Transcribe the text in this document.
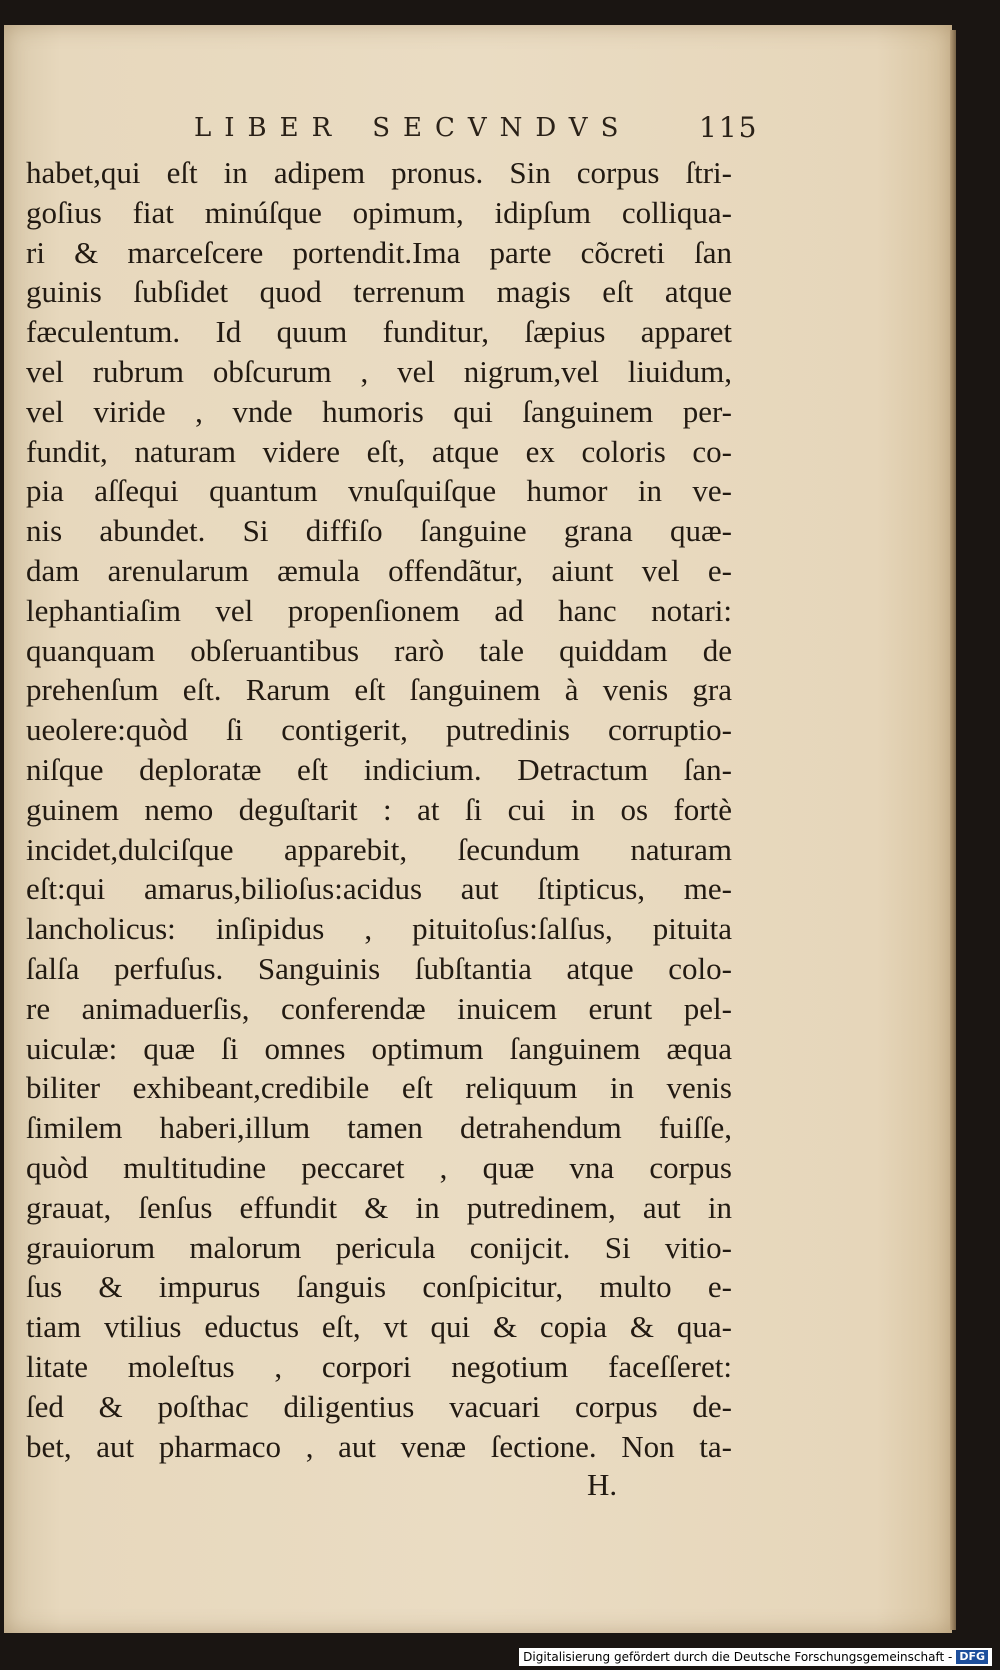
LIBER SECVNDVS	115
habet,qui eſt in adipem pronus. Sin corpus ſtri-
goſius fiat minúſque opimum, idipſum colliqua-
ri & marceſcere portendit.Ima parte cõcreti ſan
guinis ſubſidet quod terrenum magis eſt atque
fæculentum. Id quum funditur, ſæpius apparet
vel rubrum obſcurum , vel nigrum,vel liuidum,
vel viride , vnde humoris qui ſanguinem per-
fundit, naturam videre eſt, atque ex coloris co-
pia aſſequi quantum vnuſquiſque humor in ve-
nis abundet. Si diffiſo ſanguine grana quæ-
dam arenularum æmula offendãtur, aiunt vel e-
lephantiaſim vel propenſionem ad hanc notari:
quanquam obſeruantibus rarò tale quiddam de
prehenſum eſt. Rarum eſt ſanguinem à venis gra
ueolere:quòd ſi contigerit, putredinis corruptio-
niſque deploratæ eſt indicium. Detractum ſan-
guinem nemo deguſtarit : at ſi cui in os fortè
incidet,dulciſque apparebit, ſecundum naturam
eſt:qui amarus,bilioſus:acidus aut ſtipticus, me-
lancholicus: inſipidus , pituitoſus:ſalſus, pituita
ſalſa perfuſus. Sanguinis ſubſtantia atque colo-
re animaduerſis, conferendæ inuicem erunt pel-
uiculæ: quæ ſi omnes optimum ſanguinem æqua
biliter exhibeant,credibile eſt reliquum in venis
ſimilem haberi,illum tamen detrahendum fuiſſe,
quòd multitudine peccaret , quæ vna corpus
grauat, ſenſus effundit & in putredinem, aut in
grauiorum malorum pericula conijcit. Si vitio-
ſus & impurus ſanguis conſpicitur, multo e-
tiam vtilius eductus eſt, vt qui & copia & qua-
litate moleſtus , corpori negotium faceſſeret:
ſed & poſthac diligentius vacuari corpus de-
bet, aut pharmaco , aut venæ ſectione. Non ta-
H.
Digitalisierung gefördert durch die Deutsche Forschungsgemeinschaft - DFG
